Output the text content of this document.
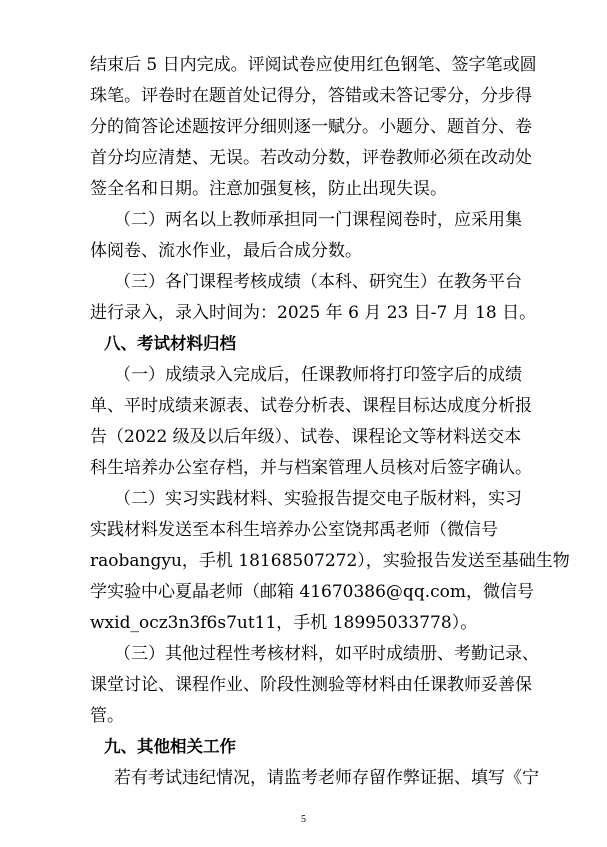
结束后 5 日内完成。评阅试卷应使用红色钢笔、签字笔或圆
珠笔。评卷时在题首处记得分，答错或未答记零分，分步得
分的简答论述题按评分细则逐一赋分。小题分、题首分、卷
首分均应清楚、无误。若改动分数，评卷教师必须在改动处
签全名和日期。注意加强复核，防止出现失误。
（二）两名以上教师承担同一门课程阅卷时，应采用集
体阅卷、流水作业，最后合成分数。
（三）各门课程考核成绩（本科、研究生）在教务平台
进行录入，录入时间为：2025 年 6 月 23 日-7 月 18 日。
八、考试材料归档
（一）成绩录入完成后，任课教师将打印签字后的成绩
单、平时成绩来源表、试卷分析表、课程目标达成度分析报
告（2022 级及以后年级）、试卷、课程论文等材料送交本
科生培养办公室存档，并与档案管理人员核对后签字确认。
（二）实习实践材料、实验报告提交电子版材料，实习
实践材料发送至本科生培养办公室饶邦禹老师（微信号
raobangyu，手机 18168507272），实验报告发送至基础生物
学实验中心夏晶老师（邮箱 41670386@qq.com，微信号
wxid_ocz3n3f6s7ut11，手机 18995033778）。
（三）其他过程性考核材料，如平时成绩册、考勤记录、
课堂讨论、课程作业、阶段性测验等材料由任课教师妥善保
管。
九、其他相关工作
若有考试违纪情况，请监考老师存留作弊证据、填写《宁
5
